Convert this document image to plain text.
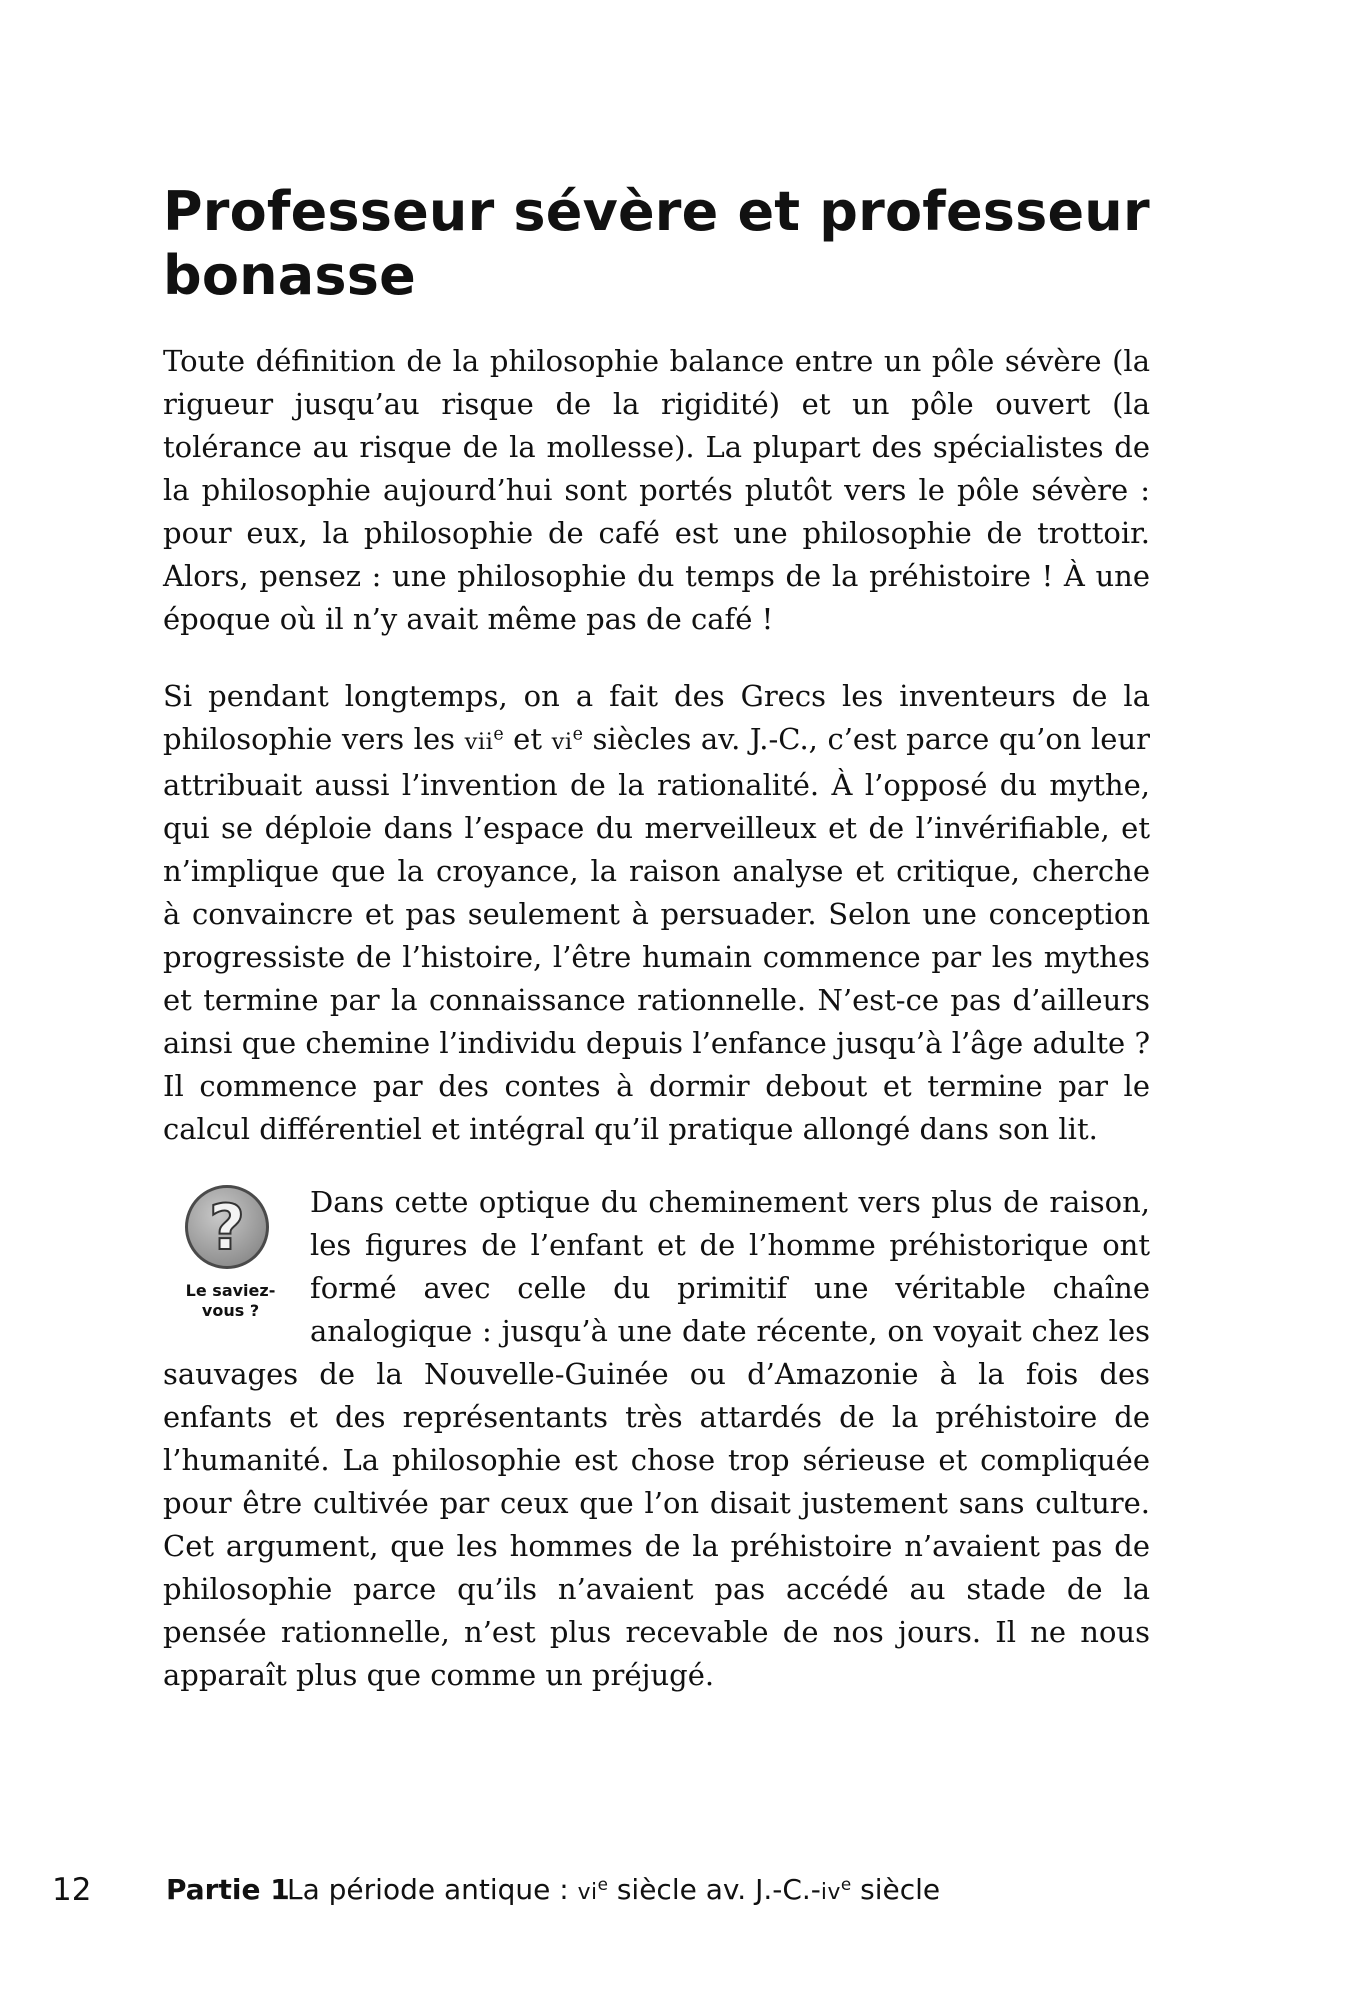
Professeur sévère et professeur bonasse

Toute définition de la philosophie balance entre un pôle sévère (la rigueur jusqu’au risque de la rigidité) et un pôle ouvert (la tolérance au risque de la mollesse). La plupart des spécialistes de la philosophie aujourd’hui sont portés plutôt vers le pôle sévère : pour eux, la philosophie de café est une philosophie de trottoir. Alors, pensez : une philosophie du temps de la préhistoire ! À une époque où il n’y avait même pas de café !

Si pendant longtemps, on a fait des Grecs les inventeurs de la philosophie vers les vii$^e$ et $vi^e$ siècles av. J.-C., c’est parce qu’on leur attribuait aussi l’invention de la rationalité. À l’opposé du mythe, qui se déploie dans l’espace du merveilleux et de l’invérifiable, et n’implique que la croyance, la raison analyse et critique, cherche à convaincre et pas seulement à persuader. Selon une conception progressiste de l’histoire, l’être humain commence par les mythes et termine par la connaissance rationnelle. N’est-ce pas d’ailleurs ainsi que chemine l’individu depuis l’enfance jusqu’à l’âge adulte ? Il commence par des contes à dormir debout et termine par le calcul différentiel et intégral qu’il pratique allongé dans son lit.

?
Le saviez-
vous ?
Dans cette optique du cheminement vers plus de raison, les figures de l’enfant et de l’homme préhistorique ont formé avec celle du primitif une véritable chaîne analogique : jusqu’à une date récente, on voyait chez les sauvages de la Nouvelle-Guinée ou d’Amazonie à la fois des enfants et des représentants très attardés de la préhistoire de l’humanité. La philosophie est chose trop sérieuse et compliquée pour être cultivée par ceux que l’on disait justement sans culture. Cet argument, que les hommes de la préhistoire n’avaient pas de philosophie parce qu’ils n’avaient pas accédé au stade de la pensée rationnelle, n’est plus recevable de nos jours. Il ne nous apparaît plus que comme un préjugé.
12	Partie 1
La période antique : $vi^e$ siècle av. $J.-C.-iv^e$ siècle
